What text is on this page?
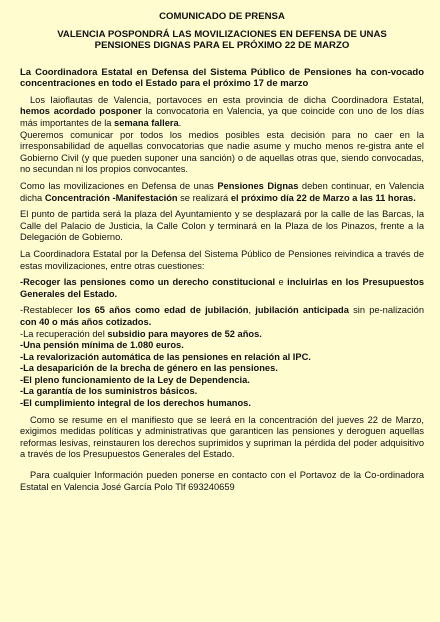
COMUNICADO DE PRENSA
VALENCIA POSPONDRÁ LAS MOVILIZACIONES EN DEFENSA DE UNAS
PENSIONES DIGNAS PARA EL PRÓXIMO 22 DE MARZO

La Coordinadora Estatal en Defensa del Sistema Público de Pensiones ha con-vocado concentraciones en todo el Estado para el próximo 17 de marzo

Los Iaioflautas de Valencia, portavoces en esta provincia de dicha Coordinadora Estatal, hemos acordado posponer la convocatoria en Valencia, ya que coincide con uno de los días más importantes de la semana fallera.

Queremos comunicar por todos los medios posibles esta decisión para no caer en la irresponsabilidad de aquellas convocatorias que nadie asume y mucho menos re-gistra ante el Gobierno Civil (y que pueden suponer una sanción) o de aquellas otras que, siendo convocadas, no secundan ni los propios convocantes.

Como las movilizaciones en Defensa de unas Pensiones Dignas deben continuar, en Valencia dicha Concentración -Manifestación se realizará el próximo día 22 de Marzo a las 11 horas.

El punto de partida será la plaza del Ayuntamiento y se desplazará por la calle de las Barcas, la Calle del Palacio de Justicia, la Calle Colon y terminará en la Plaza de los Pinazos, frente a la Delegación de Gobierno.

La Coordinadora Estatal por la Defensa del Sistema Público de Pensiones reivindica a través de estas movilizaciones, entre otras cuestiones:

-Recoger las pensiones como un derecho constitucional e incluirlas en los Presupuestos Generales del Estado.

-Restablecer los 65 años como edad de jubilación, jubilación anticipada sin pe-nalización con 40 o más años cotizados.

-La recuperación del subsidio para mayores de 52 años.

-Una pensión mínima de 1.080 euros.

-La revalorización automática de las pensiones en relación al IPC.

-La desaparición de la brecha de género en las pensiones.

-El pleno funcionamiento de la Ley de Dependencia.

-La garantía de los suministros básicos.

-El cumplimiento integral de los derechos humanos.

Como se resume en el manifiesto que se leerá en la concentración del jueves 22 de Marzo, exigimos medidas políticas y administrativas que garanticen las pensiones y deroguen aquellas reformas lesivas, reinstauren los derechos suprimidos y supriman la pérdida del poder adquisitivo a través de los Presupuestos Generales del Estado.

Para cualquier Información pueden ponerse en contacto con el Portavoz de la Co-ordinadora Estatal en Valencia José García Polo Tlf 693240659
